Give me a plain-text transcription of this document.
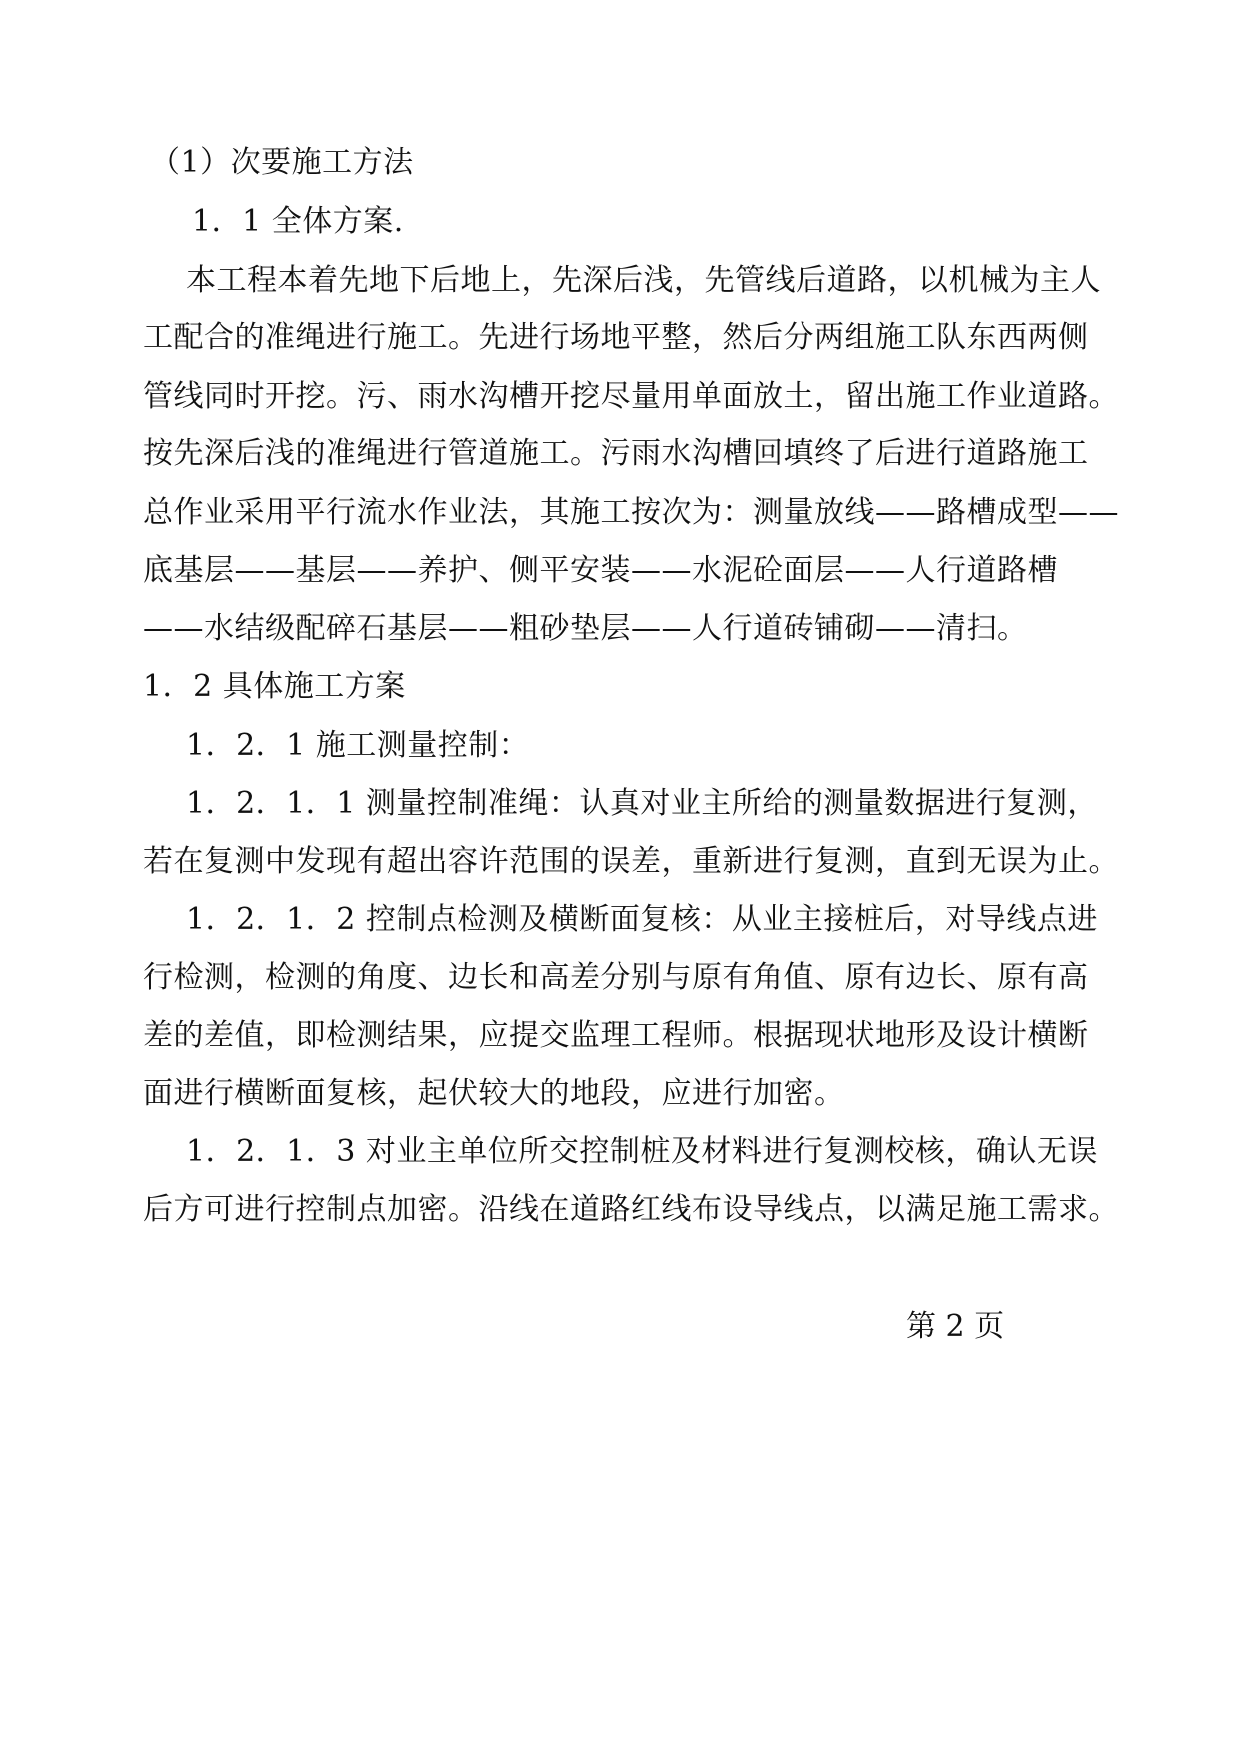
（1）次要施工方法
1．1 全体方案.
本工程本着先地下后地上，先深后浅，先管线后道路，以机械为主人
工配合的准绳进行施工。先进行场地平整，然后分两组施工队东西两侧
管线同时开挖。污、雨水沟槽开挖尽量用单面放土，留出施工作业道路。
按先深后浅的准绳进行管道施工。污雨水沟槽回填终了后进行道路施工
总作业采用平行流水作业法，其施工按次为：测量放线——路槽成型——
底基层——基层——养护、侧平安装——水泥砼面层——人行道路槽
——水结级配碎石基层——粗砂垫层——人行道砖铺砌——清扫。
1．2 具体施工方案
1．2．1 施工测量控制：
1．2．1．1 测量控制准绳：认真对业主所给的测量数据进行复测，
若在复测中发现有超出容许范围的误差，重新进行复测，直到无误为止。
1．2．1．2 控制点检测及横断面复核：从业主接桩后，对导线点进
行检测，检测的角度、边长和高差分别与原有角值、原有边长、原有高
差的差值，即检测结果，应提交监理工程师。根据现状地形及设计横断
面进行横断面复核，起伏较大的地段，应进行加密。
1．2．1．3 对业主单位所交控制桩及材料进行复测校核，确认无误
后方可进行控制点加密。沿线在道路红线布设导线点，以满足施工需求。
第 2 页
